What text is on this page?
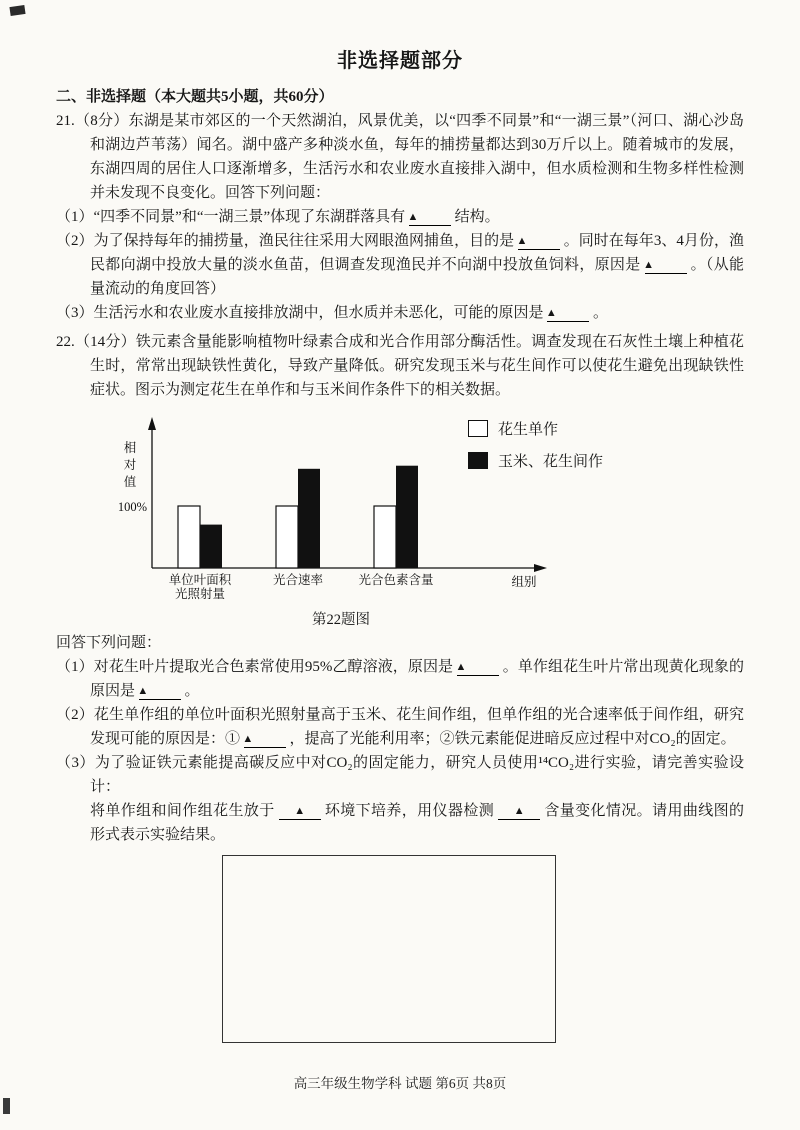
非选择题部分

二、非选择题（本大题共5小题，共60分）

21.（8分）东湖是某市郊区的一个天然湖泊，风景优美，以“四季不同景”和“一湖三景”（河口、湖心沙岛和湖边芦苇荡）闻名。湖中盛产多种淡水鱼，每年的捕捞量都达到30万斤以上。随着城市的发展，东湖四周的居住人口逐渐增多，生活污水和农业废水直接排入湖中，但水质检测和生物多样性检测并未发现不良变化。回答下列问题：

（1）“四季不同景”和“一湖三景”体现了东湖群落具有 ▲ 结构。

（2）为了保持每年的捕捞量，渔民往往采用大网眼渔网捕鱼，目的是 ▲ 。同时在每年3、4月份，渔民都向湖中投放大量的淡水鱼苗，但调查发现渔民并不向湖中投放鱼饲料，原因是 ▲ 。（从能量流动的角度回答）

（3）生活污水和农业废水直接排放湖中，但水质并未恶化，可能的原因是 ▲ 。

22.（14分）铁元素含量能影响植物叶绿素合成和光合作用部分酶活性。调查发现在石灰性土壤上种植花生时，常常出现缺铁性黄化，导致产量降低。研究发现玉米与花生间作可以使花生避免出现缺铁性症状。图示为测定花生在单作和与玉米间作条件下的相关数据。

相
对
值
100%
单位叶面积
光照射量
光合速率	光合色素含量	组别
花生单作
玉米、花生间作
第22题图

回答下列问题：

（1）对花生叶片提取光合色素常使用95%乙醇溶液，原因是 ▲ 。单作组花生叶片常出现黄化现象的原因是 ▲ 。

（2）花生单作组的单位叶面积光照射量高于玉米、花生间作组，但单作组的光合速率低于间作组，研究发现可能的原因是：① ▲ ，提高了光能利用率；②铁元素能促进暗反应过程中对CO₂的固定。

（3）为了验证铁元素能提高碳反应中对CO₂的固定能力，研究人员使用¹⁴CO₂进行实验，请完善实验设计：

将单作组和间作组花生放于 ▲ 环境下培养，用仪器检测 ▲ 含量变化情况。请用曲线图的形式表示实验结果。

高三年级生物学科 试题 第6页 共8页
